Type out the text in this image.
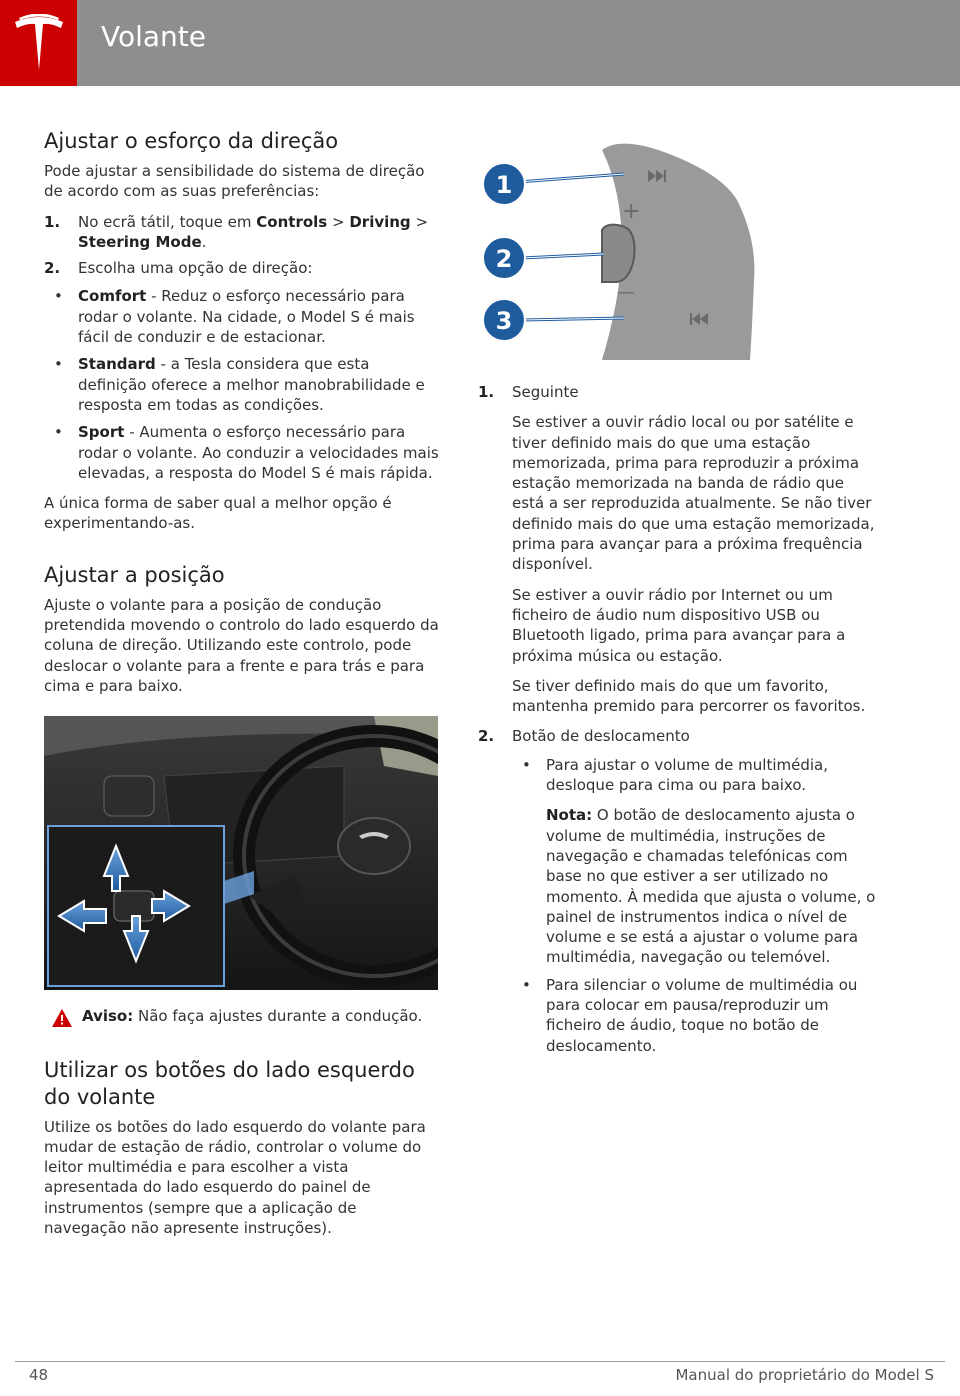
Volante
Ajustar o esforço da direção

Pode ajustar a sensibilidade do sistema de direção de acordo com as suas preferências:

1. No ecrã tátil, toque em Controls > Driving > Steering Mode.
2. Escolha uma opção de direção:
• Comfort - Reduz o esforço necessário para rodar o volante. Na cidade, o Model S é mais fácil de conduzir e de estacionar.
• Standard - a Tesla considera que esta definição oferece a melhor manobrabilidade e resposta em todas as condições.
• Sport - Aumenta o esforço necessário para rodar o volante. Ao conduzir a velocidades mais elevadas, a resposta do Model S é mais rápida.

A única forma de saber qual a melhor opção é experimentando-as.

Ajustar a posição

Ajuste o volante para a posição de condução pretendida movendo o controlo do lado esquerdo da coluna de direção. Utilizando este controlo, pode deslocar o volante para a frente e para trás e para cima e para baixo.

Aviso: Não faça ajustes durante a condução.
Utilizar os botões do lado esquerdo do volante

Utilize os botões do lado esquerdo do volante para mudar de estação de rádio, controlar o volume do leitor multimédia e para escolher a vista apresentada do lado esquerdo do painel de instrumentos (sempre que a aplicação de navegação não apresente instruções).

+
—
1
2
3
1. Seguinte

Se estiver a ouvir rádio local ou por satélite e tiver definido mais do que uma estação memorizada, prima para reproduzir a próxima estação memorizada na banda de rádio que está a ser reproduzida atualmente. Se não tiver definido mais do que uma estação memorizada, prima para avançar para a próxima frequência disponível.

Se estiver a ouvir rádio por Internet ou um ficheiro de áudio num dispositivo USB ou Bluetooth ligado, prima para avançar para a próxima música ou estação.

Se tiver definido mais do que um favorito, mantenha premido para percorrer os favoritos.

2. Botão de deslocamento

• Para ajustar o volume de multimédia, desloque para cima ou para baixo.
Nota: O botão de deslocamento ajusta o volume de multimédia, instruções de navegação e chamadas telefónicas com base no que estiver a ser utilizado no momento. À medida que ajusta o volume, o painel de instrumentos indica o nível de volume e se está a ajustar o volume para multimédia, navegação ou telemóvel.
• Para silenciar o volume de multimédia ou para colocar em pausa/reproduzir um ficheiro de áudio, toque no botão de deslocamento.
48	Manual do proprietário do Model S
